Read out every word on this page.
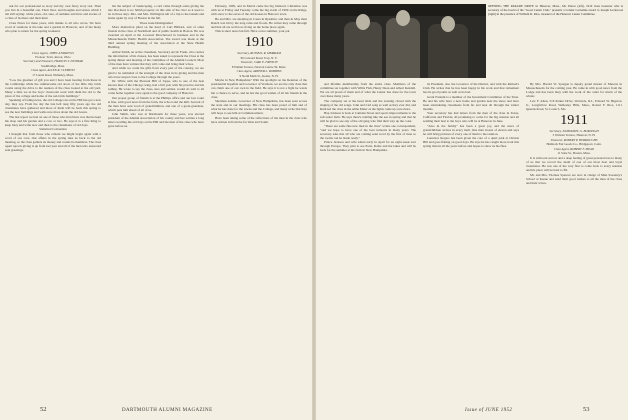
ask for our professional as story and my own fancy story rest. Then you live in a beautiful one. Their lives, and thoughts and stories which I am still saying: white years, old, sure, of summer and lives and stories of a class of brothers and their kind.

Class Notes for these years, with thanks to all who wrote. We have word of reunions at the lake and a garden in Hanover, and of the many who plan to return for the spring weekend.

1909
Class Agent, JOHN ANDREWS
Pioneer Trail, Akron, Ohio
Secretary and Treasurer, FRANCIS T. DUNBAR
Southbridge, Mass.
Class Agent, ALLEN R. CLEMENT
17 Laurel Road, Wellesley, Mass.

"Lou, the gleamer of gift you and I have been hearing from these in the Cambridge while the cumbersome old doors of the little tiny brick rooms along the drive to the reunion of the class looked at the old yard. Many a time we in the boys' classroom went with them the old to the place of the college and home of the red-brick buildings."

Speaking of fading news, the old College ran on the Hill has got a new day, they say. From the day the late bell rang fifty years ago the old classmates have gathered and more of them will be back this spring to see the new buildings and walk once more about the old Green.

The last report we had on one of those who lived here was that he kept his shop and his garden and a cow or two. He says it is a fine thing to keep busy and write now and then to the classmates of old days.

Statistical Convention

I thought that from those who remain we might begin again with a word of our own. Our affairs in the spring take us back to the old meeting, so the class gathers its money and counts its members. The class agent reports giving is up from last year and all of the men who answered sent greetings.

On the subject of landscaping, a card came through some giving the tale that there is no Smith property on this side of the river as it used to be in those days. Mrs. and Mrs. Wellington tell of a trip to the islands and home again by way of Boston in the fall.

Those Gone Distinguished

More distinction piled on the head of Curt Hilliard, and of other friends in the class of Northfield and of public health in Boston. He was awarded an April at the Lowered Moscheroad in business and in the Massachusetts Public Health Association. The award was made at the third annual spring meeting of the association at the State Health Building.

Arthur Smith, an active classmate, Secretary Arctic Fresh, who carries the information of his classes, has been asked to represent the Class at the spring dinner and meeting of the committee of the Alumni Council. Most of the men have written that they will come and bring their wives.

And while we count the gifts from every part of the country, we are glad to be reminded of the strength of the class in its giving and the men who have stayed close to the College through the years.

Dr. White with the Pleasant Hill of Joppa, who is one of the best known men of the Chicago wing, had a full year with his practice and his sailing. He wrote to say the class, sure and settled, would do well to all come home together once again to the good company of Hanover.

Our proper group of friends is at the Phillips office and our last count is fine, with good news from the farm, the school and the mill. Several of the men have sent word of grandchildren, and one of a great-grandson, which puts him ahead of all of us.

John Smith, who was at Dartmouth for three years, was elected president of the Alumni Association of his county and has written a long letter recalling the old days on the Hill and the men of the class who have gone before us.

February, 1909, and in March came the big blizzard. Christmas was with us at Friday and Tuesday come the big storm of 1909 on the Ridge, with snow to the eaves of the old houses in Hanover town.

He and Mrs. are studying in Cassa in Ryeshire; and then in May their Ranch was hit by the long rains and floods. He writes they came through and that all are well now, living on the home place again.

This is short news but full. Have a nice summer, your pal.

1910
Secretary, RUSSELL R. MERRIAM
96 Concord Road, Troy, N. Y.
Treasurer, CARL E. FRENCH
8 Walnut Terrace, Newton Centre 59, Mass.
Class Agent, ARTHUR L. ROBBINS
9 North Main St., Keene, N. H.

Maybe in New Hampshire? With the spotlight on the Reunion of the presidential hopefuls and Governor of Vermont, we are the only class that can claim one of our own in the field. He says it is not a fight he wants but a chance to serve, and he has the good wishes of all his friends in the class.

Sherman Adams, Governor of New Hampshire, has been seen across the state and in our meetings. His class has been proud of him and of what he has done for the towns and the College, and many write that they will hope to see him at Commencement.

Have been taking some of the reflections of the men in the class who have written in from the far West and South.

52	DARTMOUTH ALUMNI MAGAZINE
OPENING THE PARADE DRIVE in Hanover, Mass., Mr. Pierce (left), 1910 class treasurer who is secretary of the board of the "Good Center Club," presents a Conner Cornelius award to Joseph Lockwood (right) in the presence of William R. Rice, treasurer of the Hanover Center Committee.

and lifetime membership from the entire class. Members of the committee sat together with Willis Fish, Henry Dean and Albert Kendall. We are all proud of them and of what the Center has done for the town over these many years.

The company sat at the head table and the evening closed with the singing of the old songs. John and Carl sang as well as they ever did, and Ruth led the class in the Alma Mater as the lights came up once more.

Hap Johnson is back at Camden Street and sports improvements to the salt-water farm. He says there's nothing like the sea in spring and that he will be glad to see any of the old gang who find their way up the coast.

"There are some fine new men in the class" writes one correspondent, "and we hope to have one of the best turnouts in many years. The secretary asks that all who are coming send word by the first of June so the rooms can be made ready."

Prince Jackson and wife sailed early in April for an eight-week tour through Europe. They plan to see Paris, Rome and the lakes and will be back for the summer at the farm in New Hampshire.

its President, also the Governor of his District, and with the Retired's Club. He writes that he has been happy in his work and that retirement has its good points as well as its bad.

Grant Farnum is a member of the Investment Committee of the Trust. He and his wife have a new home and garden near the shore and have been entertaining classmates from far and near all through the winter months.

Your secretary has had letters from the men of the class in Texas, California and Florida, all promising to come for the big reunion and all sending their best to the boys who will be at Hanover in June.

"Also in the family" has been a great joy, and the news of grandchildren arrives in every mail. One man boasts of eleven and says he will bring pictures of every one of them to the reunion.

Laurence Rogers has been given the care of a quiet park at Clinton Hill and goes fishing on good days. He says he has caught more trout this spring than in all the years before and hopes to show us his flies.

By Mrs. Harold W. Sprague is deputy grand master of Masons in Massachusetts for the coming year. He came in with good news from the Lodge and has been busy with the work of the order for much of the winter.

Lew F. Allen, 516 Parker Drive, Warwick, R.I., Edward W. Bigelow Jr., Longfellow Road, Wellesley Hills, Mass., Robert F. Rice, 1111 Queens Road, St. Louis 5, Mo.

1911
Secretary, NATHANIEL G. BURLEIGH
3 Webster Terrace, Hanover, N. H.
Treasurer, ROBERT P. BURROUGHS
Hemlock Fair Goods Co., Bridgeport, Conn.
Class Agent, ROBERT F. MEAD
11 State St., Boston, Mass.

It is with real sorrow and a deep feeling of great personal loss to many of us that we record the death of one of our most dear and loyal classmates. He was one of the very first to come back to every reunion and his place will be hard to fill.

Mr. and Mrs. Thomas Spencer are now in charge of Miss Sweeney's School at Keene and send their good wishes to all the men of the class and their wives.

Issue of JUNE 1952	53
